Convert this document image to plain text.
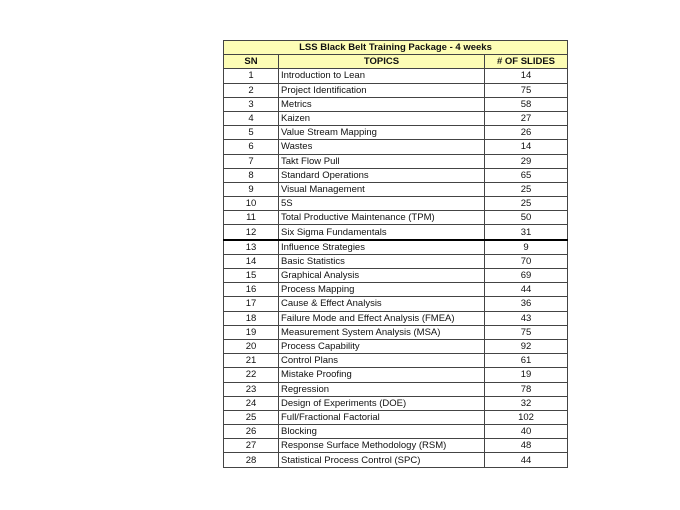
LSS Black Belt Training Package - 4 weeks		
SN	TOPICS	# OF SLIDES
1	Introduction to Lean	14
2	Project Identification	75
3	Metrics	58
4	Kaizen	27
5	Value Stream Mapping	26
6	Wastes	14
7	Takt Flow Pull	29
8	Standard Operations	65
9	Visual Management	25
10	5S	25
11	Total Productive Maintenance (TPM)	50
12	Six Sigma Fundamentals	31
13	Influence Strategies	9
14	Basic Statistics	70
15	Graphical Analysis	69
16	Process Mapping	44
17	Cause & Effect Analysis	36
18	Failure Mode and Effect Analysis (FMEA)	43
19	Measurement System Analysis (MSA)	75
20	Process Capability	92
21	Control Plans	61
22	Mistake Proofing	19
23	Regression	78
24	Design of Experiments (DOE)	32
25	Full/Fractional Factorial	102
26	Blocking	40
27	Response Surface Methodology (RSM)	48
28	Statistical Process Control (SPC)	44
